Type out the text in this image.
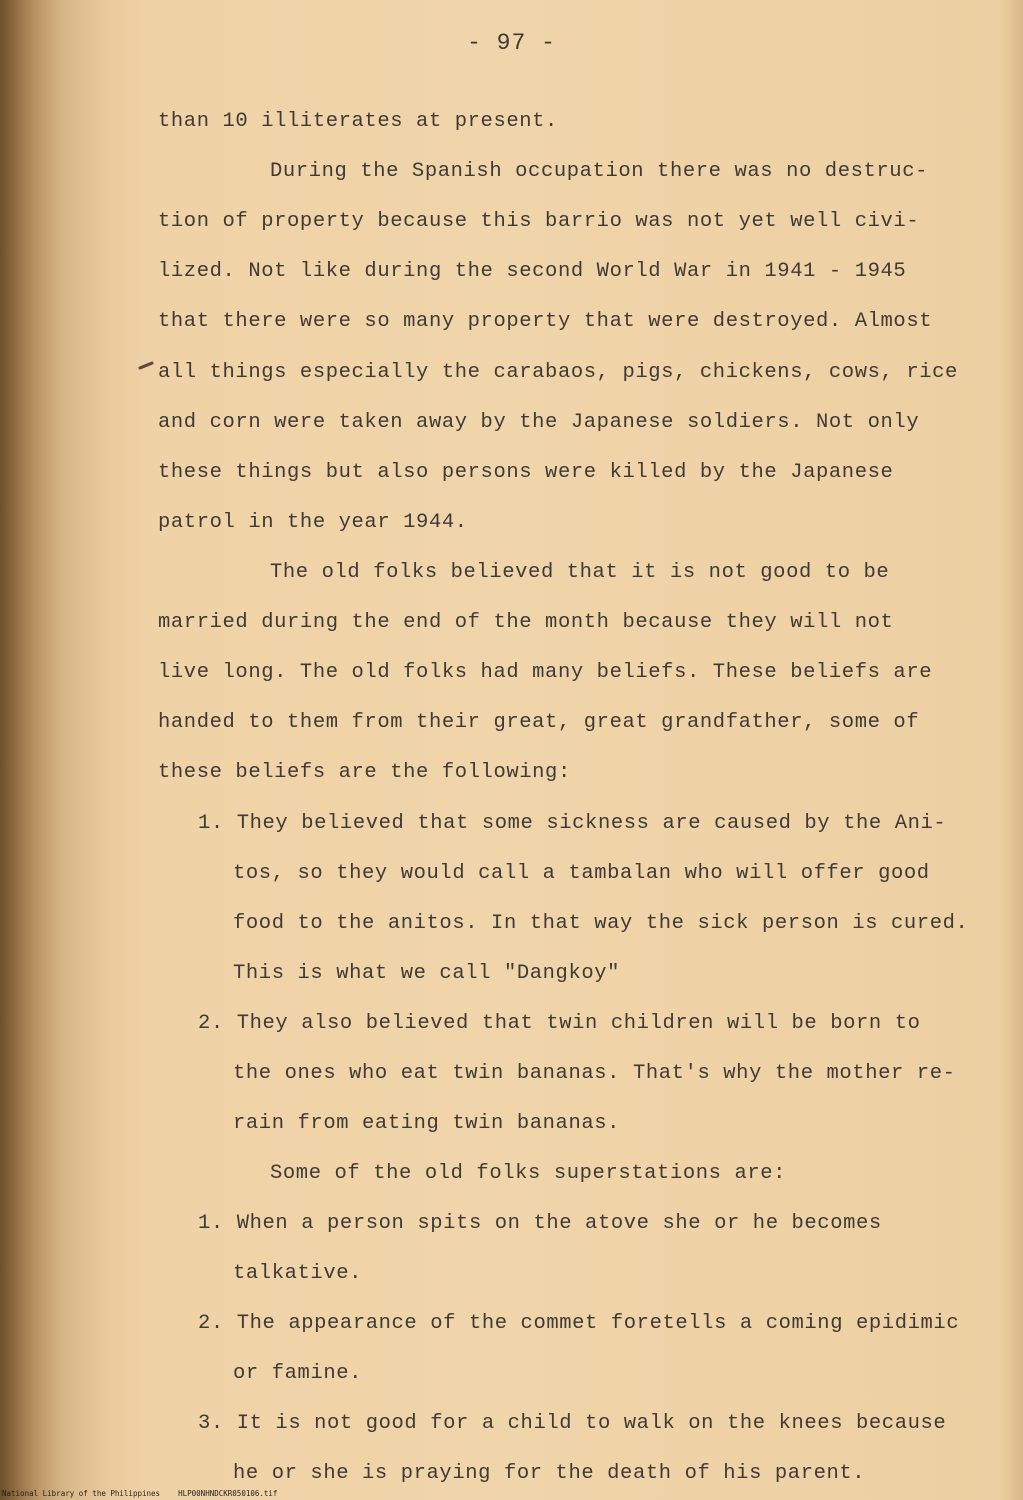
- 97 -
than 10 illiterates at present.
During the Spanish occupation there was no destruc-
tion of property because this barrio was not yet well civi-
lized. Not like during the second World War in 1941 - 1945
that there were so many property that were destroyed. Almost
all things especially the carabaos, pigs, chickens, cows, rice
and corn were taken away by the Japanese soldiers. Not only
these things but also persons were killed by the Japanese
patrol in the year 1944.
The old folks believed that it is not good to be
married during the end of the month because they will not
live long. The old folks had many beliefs. These beliefs are
handed to them from their great, great grandfather, some of
these beliefs are the following:
1. They believed that some sickness are caused by the Ani-
tos, so they would call a tambalan who will offer good
food to the anitos. In that way the sick person is cured.
This is what we call "Dangkoy"
2. They also believed that twin children will be born to
the ones who eat twin bananas. That's why the mother re-
rain from eating twin bananas.
Some of the old folks superstations are:
1. When a person spits on the atove she or he becomes
talkative.
2. The appearance of the commet foretells a coming epidimic
or famine.
3. It is not good for a child to walk on the knees because
he or she is praying for the death of his parent.
National Library of the Philippines HLP00NHNDCKR050106.tif
